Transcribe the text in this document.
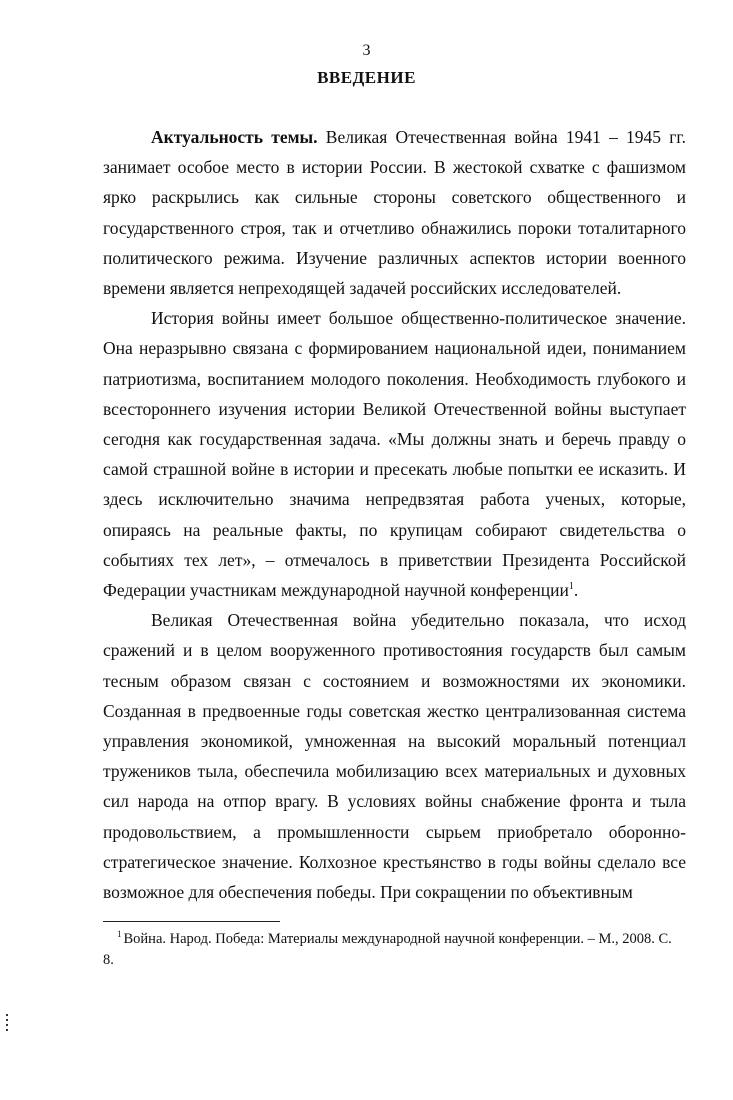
3
ВВЕДЕНИЕ

Актуальность темы. Великая Отечественная война 1941 – 1945 гг. занимает особое место в истории России. В жестокой схватке с фашизмом ярко раскрылись как сильные стороны советского общественного и государственного строя, так и отчетливо обнажились пороки тоталитарного политического режима. Изучение различных аспектов истории военного времени является непреходящей задачей российских исследователей.

История войны имеет большое общественно-политическое значение. Она неразрывно связана с формированием национальной идеи, пониманием патриотизма, воспитанием молодого поколения. Необходимость глубокого и всестороннего изучения истории Великой Отечественной войны выступает сегодня как государственная задача. «Мы должны знать и беречь правду о самой страшной войне в истории и пресекать любые попытки ее исказить. И здесь исключительно значима непредвзятая работа ученых, которые, опираясь на реальные факты, по крупицам собирают свидетельства о событиях тех лет», – отмечалось в приветствии Президента Российской Федерации участникам международной научной конференции$^1$.

Великая Отечественная война убедительно показала, что исход сражений и в целом вооруженного противостояния государств был самым тесным образом связан с состоянием и возможностями их экономики. Созданная в предвоенные годы советская жестко централизованная система управления экономикой, умноженная на высокий моральный потенциал тружеников тыла, обеспечила мобилизацию всех материальных и духовных сил народа на отпор врагу. В условиях войны снабжение фронта и тыла продовольствием, а промышленности сырьем приобретало оборонно-стратегическое значение. Колхозное крестьянство в годы войны сделало все возможное для обеспечения победы. При сокращении по объективным

$^1$ Война. Народ. Победа: Материалы международной научной конференции. – М., 2008. С. 8.
